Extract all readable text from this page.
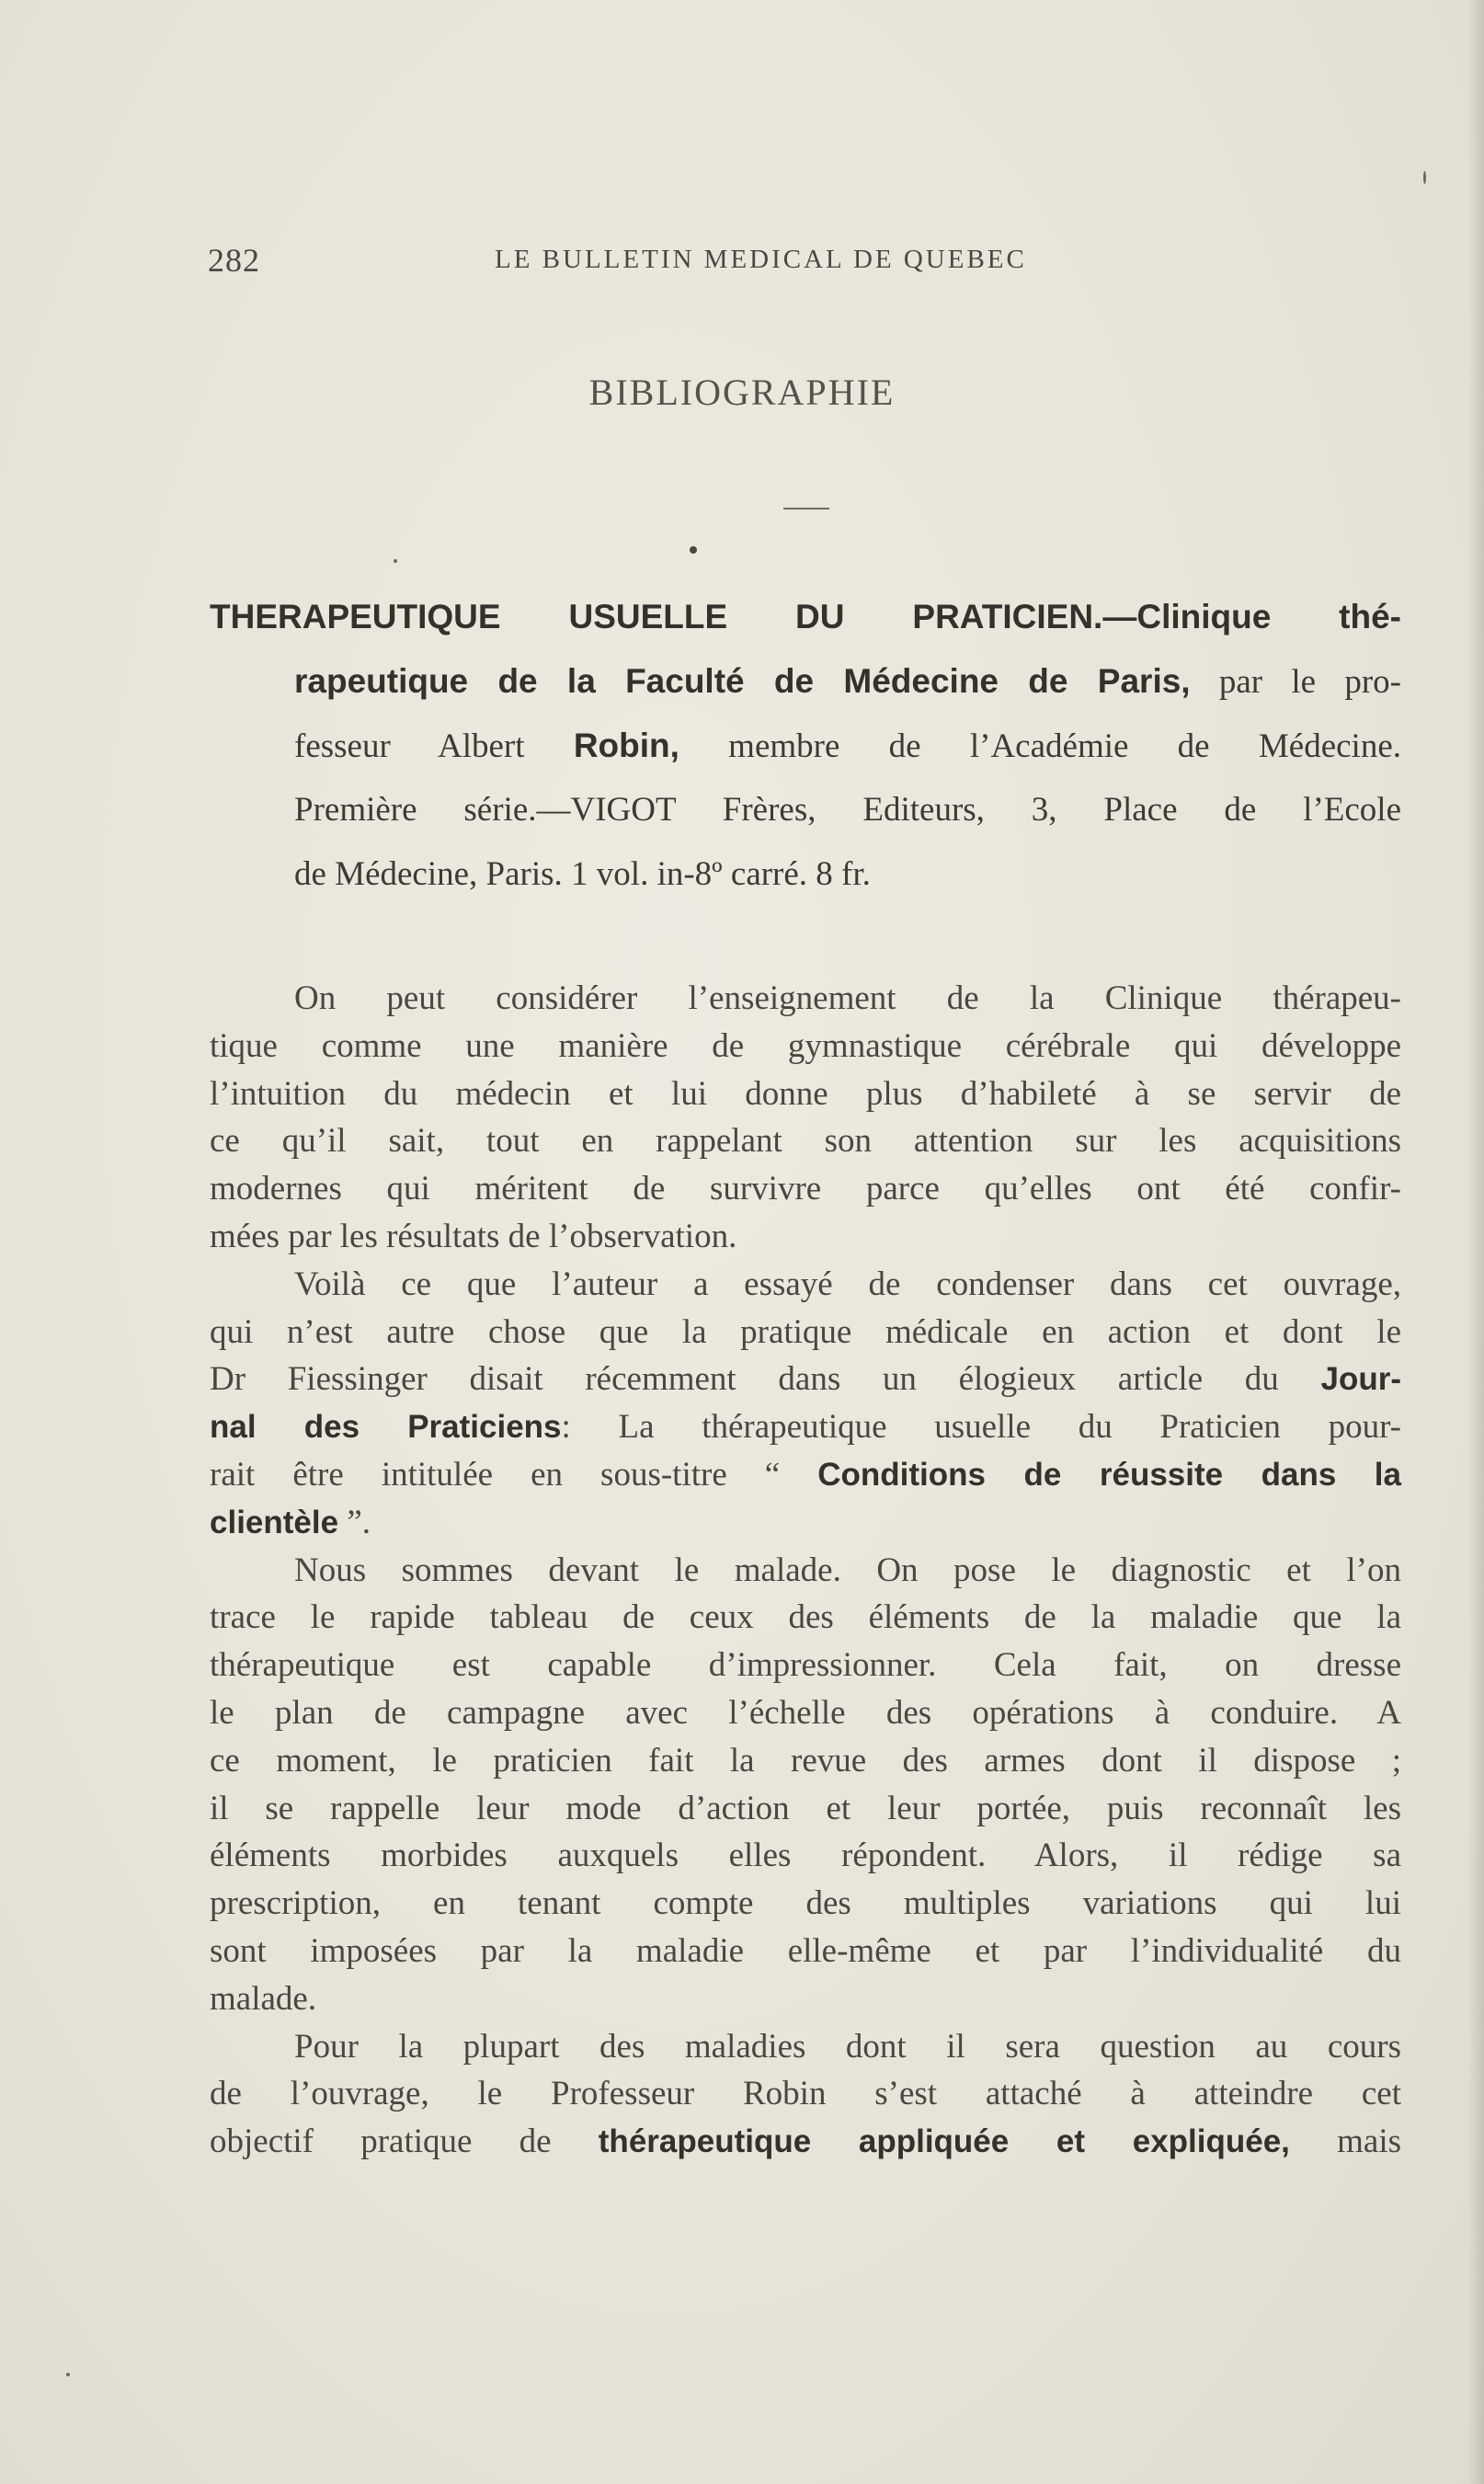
282	LE BULLETIN MEDICAL DE QUEBEC
BIBLIOGRAPHIE
THERAPEUTIQUE USUELLE DU PRATICIEN.—Clinique thé-
rapeutique de la Faculté de Médecine de Paris, par le pro-
fesseur Albert Robin, membre de l’Académie de Médecine.
Première série.—VIGOT Frères, Editeurs, 3, Place de l’Ecole
de Médecine, Paris. 1 vol. in-8º carré. 8 fr.
On peut considérer l’enseignement de la Clinique thérapeu-
tique comme une manière de gymnastique cérébrale qui développe
l’intuition du médecin et lui donne plus d’habileté à se servir de
ce qu’il sait, tout en rappelant son attention sur les acquisitions
modernes qui méritent de survivre parce qu’elles ont été confir-
mées par les résultats de l’observation.
Voilà ce que l’auteur a essayé de condenser dans cet ouvrage,
qui n’est autre chose que la pratique médicale en action et dont le
Dr Fiessinger disait récemment dans un élogieux article du Jour-
nal des Praticiens: La thérapeutique usuelle du Praticien pour-
rait être intitulée en sous-titre “ Conditions de réussite dans la
clientèle ”.
Nous sommes devant le malade. On pose le diagnostic et l’on
trace le rapide tableau de ceux des éléments de la maladie que la
thérapeutique est capable d’impressionner. Cela fait, on dresse
le plan de campagne avec l’échelle des opérations à conduire. A
ce moment, le praticien fait la revue des armes dont il dispose ;
il se rappelle leur mode d’action et leur portée, puis reconnaît les
éléments morbides auxquels elles répondent. Alors, il rédige sa
prescription, en tenant compte des multiples variations qui lui
sont imposées par la maladie elle-même et par l’individualité du
malade.
Pour la plupart des maladies dont il sera question au cours
de l’ouvrage, le Professeur Robin s’est attaché à atteindre cet
objectif pratique de thérapeutique appliquée et expliquée, mais
